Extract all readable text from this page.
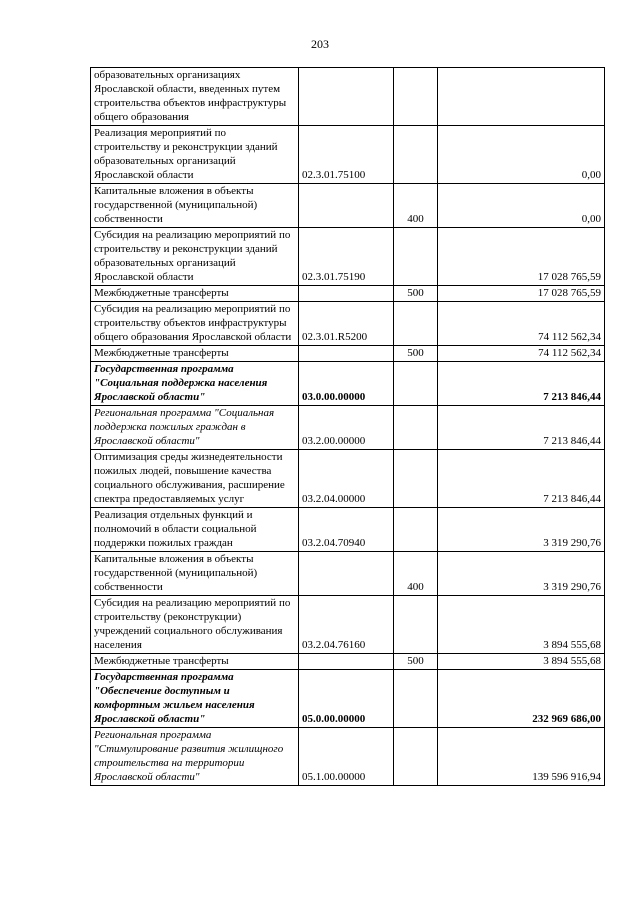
203
образовательных организациях Ярославской области, введенных путем строительства объектов инфраструктуры общего образования			
Реализация мероприятий по строительству и реконструкции зданий образовательных организаций Ярославской области	02.3.01.75100		0,00
Капитальные вложения в объекты государственной (муниципальной) собственности		400	0,00
Субсидия на реализацию мероприятий по строительству и реконструкции зданий образовательных организаций Ярославской области	02.3.01.75190		17 028 765,59
Межбюджетные трансферты		500	17 028 765,59
Субсидия на реализацию мероприятий по строительству объектов инфраструктуры общего образования Ярославской области	02.3.01.R5200		74 112 562,34
Межбюджетные трансферты		500	74 112 562,34
Государственная программа "Социальная поддержка населения Ярославской области"	03.0.00.00000		7 213 846,44
Региональная программа "Социальная поддержка пожилых граждан в Ярославской области"	03.2.00.00000		7 213 846,44
Оптимизация среды жизнедеятельности пожилых людей, повышение качества социального обслуживания, расширение спектра предоставляемых услуг	03.2.04.00000		7 213 846,44
Реализация отдельных функций и полномочий в области социальной поддержки пожилых граждан	03.2.04.70940		3 319 290,76
Капитальные вложения в объекты государственной (муниципальной) собственности		400	3 319 290,76
Субсидия на реализацию мероприятий по строительству (реконструкции) учреждений социального обслуживания населения	03.2.04.76160		3 894 555,68
Межбюджетные трансферты		500	3 894 555,68
Государственная программа "Обеспечение доступным и комфортным жильем населения Ярославской области"	05.0.00.00000		232 969 686,00
Региональная программа "Стимулирование развития жилищного строительства на территории Ярославской области"	05.1.00.00000		139 596 916,94
